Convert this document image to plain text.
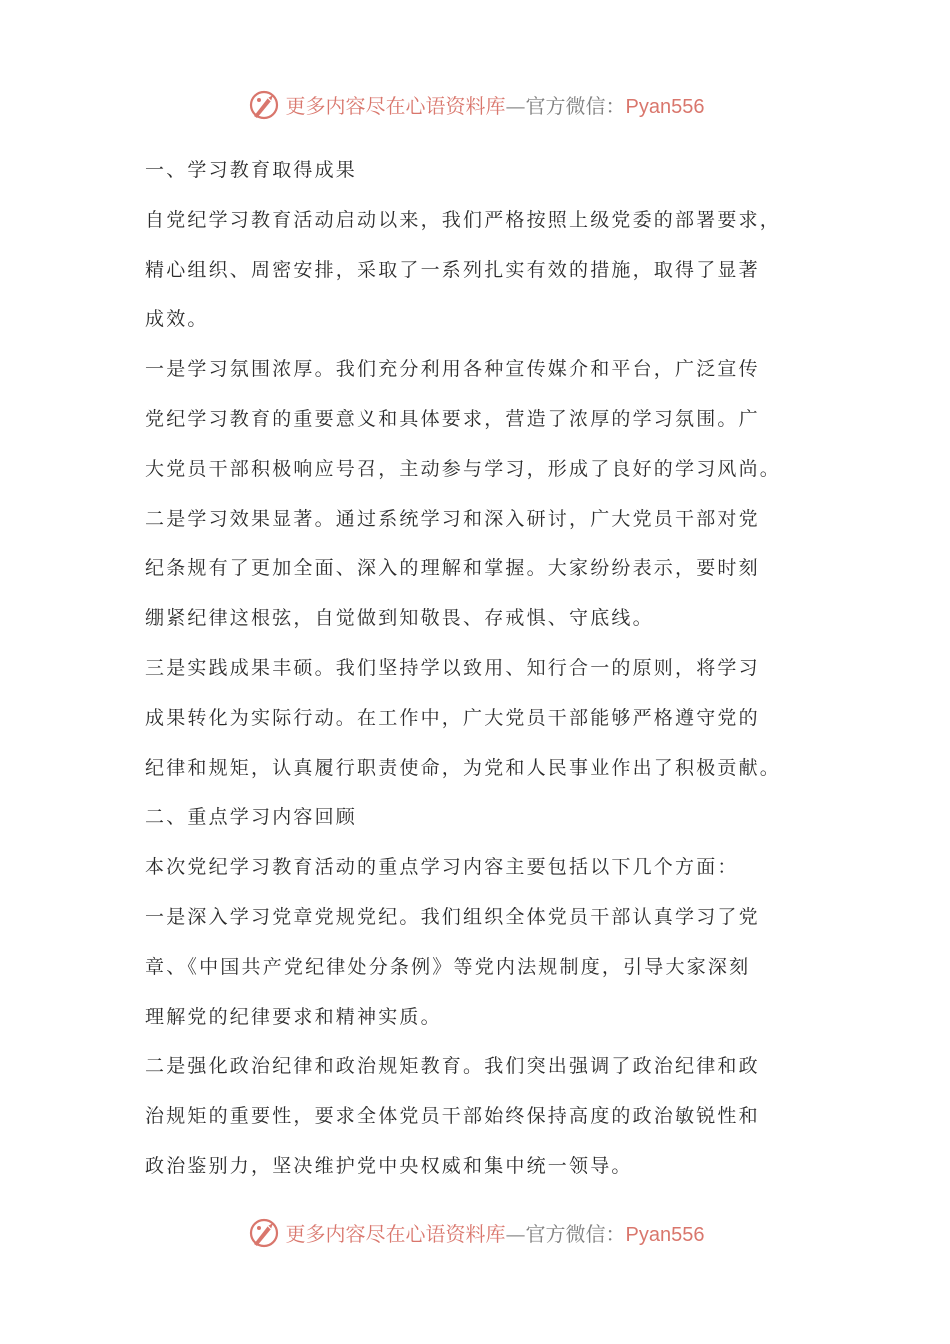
更多内容尽在心语资料库—官方微信：Pyan556
一、学习教育取得成果
自党纪学习教育活动启动以来，我们严格按照上级党委的部署要求，
精心组织、周密安排，采取了一系列扎实有效的措施，取得了显著
成效。
一是学习氛围浓厚。我们充分利用各种宣传媒介和平台，广泛宣传
党纪学习教育的重要意义和具体要求，营造了浓厚的学习氛围。广
大党员干部积极响应号召，主动参与学习，形成了良好的学习风尚。
二是学习效果显著。通过系统学习和深入研讨，广大党员干部对党
纪条规有了更加全面、深入的理解和掌握。大家纷纷表示，要时刻
绷紧纪律这根弦，自觉做到知敬畏、存戒惧、守底线。
三是实践成果丰硕。我们坚持学以致用、知行合一的原则，将学习
成果转化为实际行动。在工作中，广大党员干部能够严格遵守党的
纪律和规矩，认真履行职责使命，为党和人民事业作出了积极贡献。
二、重点学习内容回顾
本次党纪学习教育活动的重点学习内容主要包括以下几个方面：
一是深入学习党章党规党纪。我们组织全体党员干部认真学习了党
章、《中国共产党纪律处分条例》等党内法规制度，引导大家深刻
理解党的纪律要求和精神实质。
二是强化政治纪律和政治规矩教育。我们突出强调了政治纪律和政
治规矩的重要性，要求全体党员干部始终保持高度的政治敏锐性和
政治鉴别力，坚决维护党中央权威和集中统一领导。
更多内容尽在心语资料库—官方微信：Pyan556
